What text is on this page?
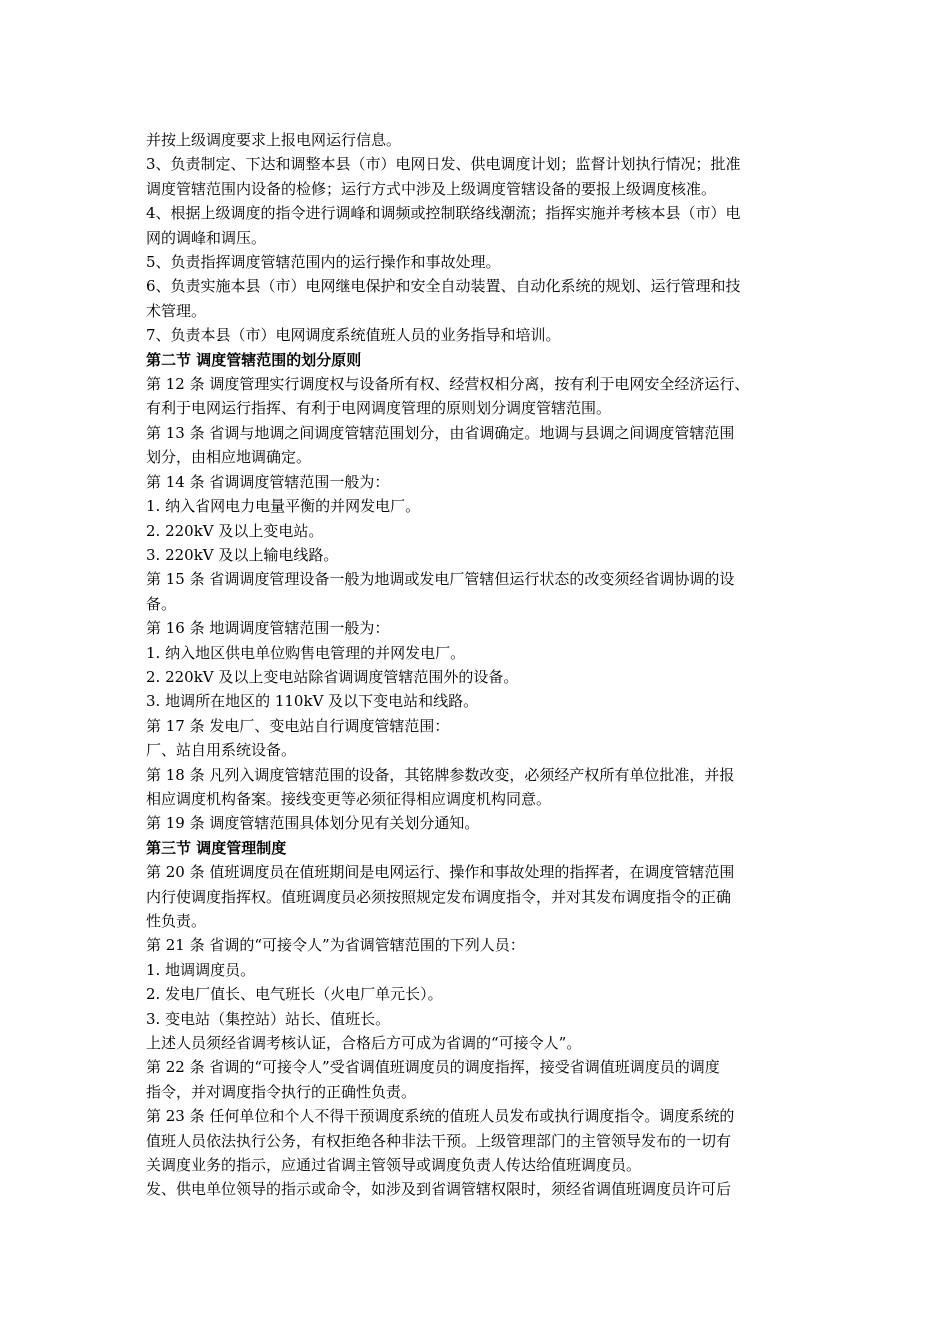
并按上级调度要求上报电网运行信息。

3、负责制定、下达和调整本县（市）电网日发、供电调度计划；监督计划执行情况；批准
调度管辖范围内设备的检修；运行方式中涉及上级调度管辖设备的要报上级调度核准。

4、根据上级调度的指令进行调峰和调频或控制联络线潮流；指挥实施并考核本县（市）电
网的调峰和调压。

5、负责指挥调度管辖范围内的运行操作和事故处理。

6、负责实施本县（市）电网继电保护和安全自动装置、自动化系统的规划、运行管理和技
术管理。

7、负责本县（市）电网调度系统值班人员的业务指导和培训。

第二节 调度管辖范围的划分原则

第 12 条 调度管理实行调度权与设备所有权、经营权相分离，按有利于电网安全经济运行、
有利于电网运行指挥、有利于电网调度管理的原则划分调度管辖范围。

第 13 条 省调与地调之间调度管辖范围划分，由省调确定。地调与县调之间调度管辖范围
划分，由相应地调确定。

第 14 条 省调调度管辖范围一般为：

1. 纳入省网电力电量平衡的并网发电厂。

2. 220kV 及以上变电站。

3. 220kV 及以上输电线路。

第 15 条 省调调度管理设备一般为地调或发电厂管辖但运行状态的改变须经省调协调的设
备。

第 16 条 地调调度管辖范围一般为：

1. 纳入地区供电单位购售电管理的并网发电厂。

2. 220kV 及以上变电站除省调调度管辖范围外的设备。

3. 地调所在地区的 110kV 及以下变电站和线路。

第 17 条 发电厂、变电站自行调度管辖范围：

厂、站自用系统设备。

第 18 条 凡列入调度管辖范围的设备，其铭牌参数改变，必须经产权所有单位批准，并报
相应调度机构备案。接线变更等必须征得相应调度机构同意。

第 19 条 调度管辖范围具体划分见有关划分通知。

第三节 调度管理制度

第 20 条 值班调度员在值班期间是电网运行、操作和事故处理的指挥者，在调度管辖范围
内行使调度指挥权。值班调度员必须按照规定发布调度指令，并对其发布调度指令的正确
性负责。

第 21 条 省调的“可接令人”为省调管辖范围的下列人员：

1. 地调调度员。

2. 发电厂值长、电气班长（火电厂单元长）。

3. 变电站（集控站）站长、值班长。

上述人员须经省调考核认证，合格后方可成为省调的“可接令人”。

第 22 条 省调的“可接令人”受省调值班调度员的调度指挥，接受省调值班调度员的调度
指令，并对调度指令执行的正确性负责。

第 23 条 任何单位和个人不得干预调度系统的值班人员发布或执行调度指令。调度系统的
值班人员依法执行公务，有权拒绝各种非法干预。上级管理部门的主管领导发布的一切有
关调度业务的指示，应通过省调主管领导或调度负责人传达给值班调度员。

发、供电单位领导的指示或命令，如涉及到省调管辖权限时，须经省调值班调度员许可后
